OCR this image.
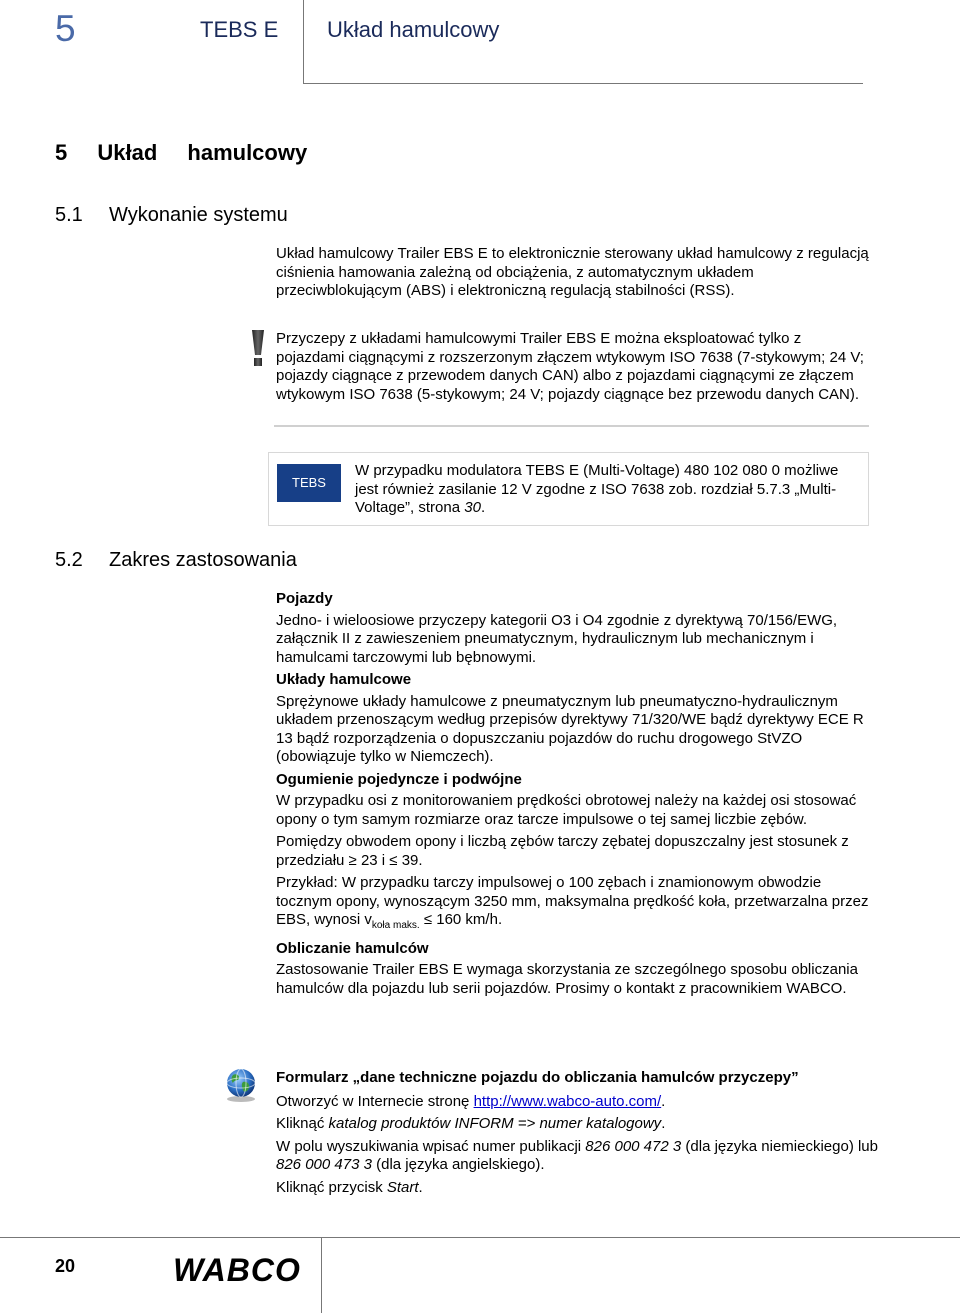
5	TEBS E Układ hamulcowy
5 Układ hamulcowy
5.1 Wykonanie systemu

Układ hamulcowy Trailer EBS E to elektronicznie sterowany układ hamulcowy z regulacją ciśnienia hamowania zależną od obciążenia, z automatycznym układem przeciwblokującym (ABS) i elektroniczną regulacją stabilności (RSS).

Przyczepy z układami hamulcowymi Trailer EBS E można eksploatować tylko z pojazdami ciągnącymi z rozszerzonym złączem wtykowym ISO 7638 (7-stykowym; 24 V; pojazdy ciągnące z przewodem danych CAN) albo z pojazdami ciągnącymi ze złączem wtykowym ISO 7638 (5-stykowym; 24 V; pojazdy ciągnące bez przewodu danych CAN).

TEBS E1.5
W przypadku modulatora TEBS E (Multi-Voltage) 480 102 080 0 możliwe jest również zasilanie 12 V zgodne z ISO 7638 zob. rozdział 5.7.3 „Multi-Voltage”, strona 30.
5.2 Zakres zastosowania

Pojazdy

Jedno- i wieloosiowe przyczepy kategorii O3 i O4 zgodnie z dyrektywą 70/156/EWG, załącznik II z zawieszeniem pneumatycznym, hydraulicznym lub mechanicznym i hamulcami tarczowymi lub bębnowymi.

Układy hamulcowe

Sprężynowe układy hamulcowe z pneumatycznym lub pneumatyczno-hydraulicznym układem przenoszącym według przepisów dyrektywy 71/320/WE bądź dyrektywy ECE R 13 bądź rozporządzenia o dopuszczaniu pojazdów do ruchu drogowego StVZO (obowiązuje tylko w Niemczech).

Ogumienie pojedyncze i podwójne

W przypadku osi z monitorowaniem prędkości obrotowej należy na każdej osi stosować opony o tym samym rozmiarze oraz tarcze impulsowe o tej samej liczbie zębów.

Pomiędzy obwodem opony i liczbą zębów tarczy zębatej dopuszczalny jest stosunek z przedziału ≥ 23 i ≤ 39.

Przykład: W przypadku tarczy impulsowej o 100 zębach i znamionowym obwodzie tocznym opony, wynoszącym 3250 mm, maksymalna prędkość koła, przetwarzalna przez EBS, wynosi $v_{koła maks.} \le 160$ km/h.

Obliczanie hamulców

Zastosowanie Trailer EBS E wymaga skorzystania ze szczególnego sposobu obliczania hamulców dla pojazdu lub serii pojazdów. Prosimy o kontakt z pracownikiem WABCO.

Formularz „dane techniczne pojazdu do obliczania hamulców przyczepy”

Otworzyć w Internecie stronę http://www.wabco-auto.com/.

Kliknąć katalog produktów INFORM => numer katalogowy.

W polu wyszukiwania wpisać numer publikacji 826 000 472 3 (dla języka niemieckiego) lub 826 000 473 3 (dla języka angielskiego).

Kliknąć przycisk Start.

20	WABCO
